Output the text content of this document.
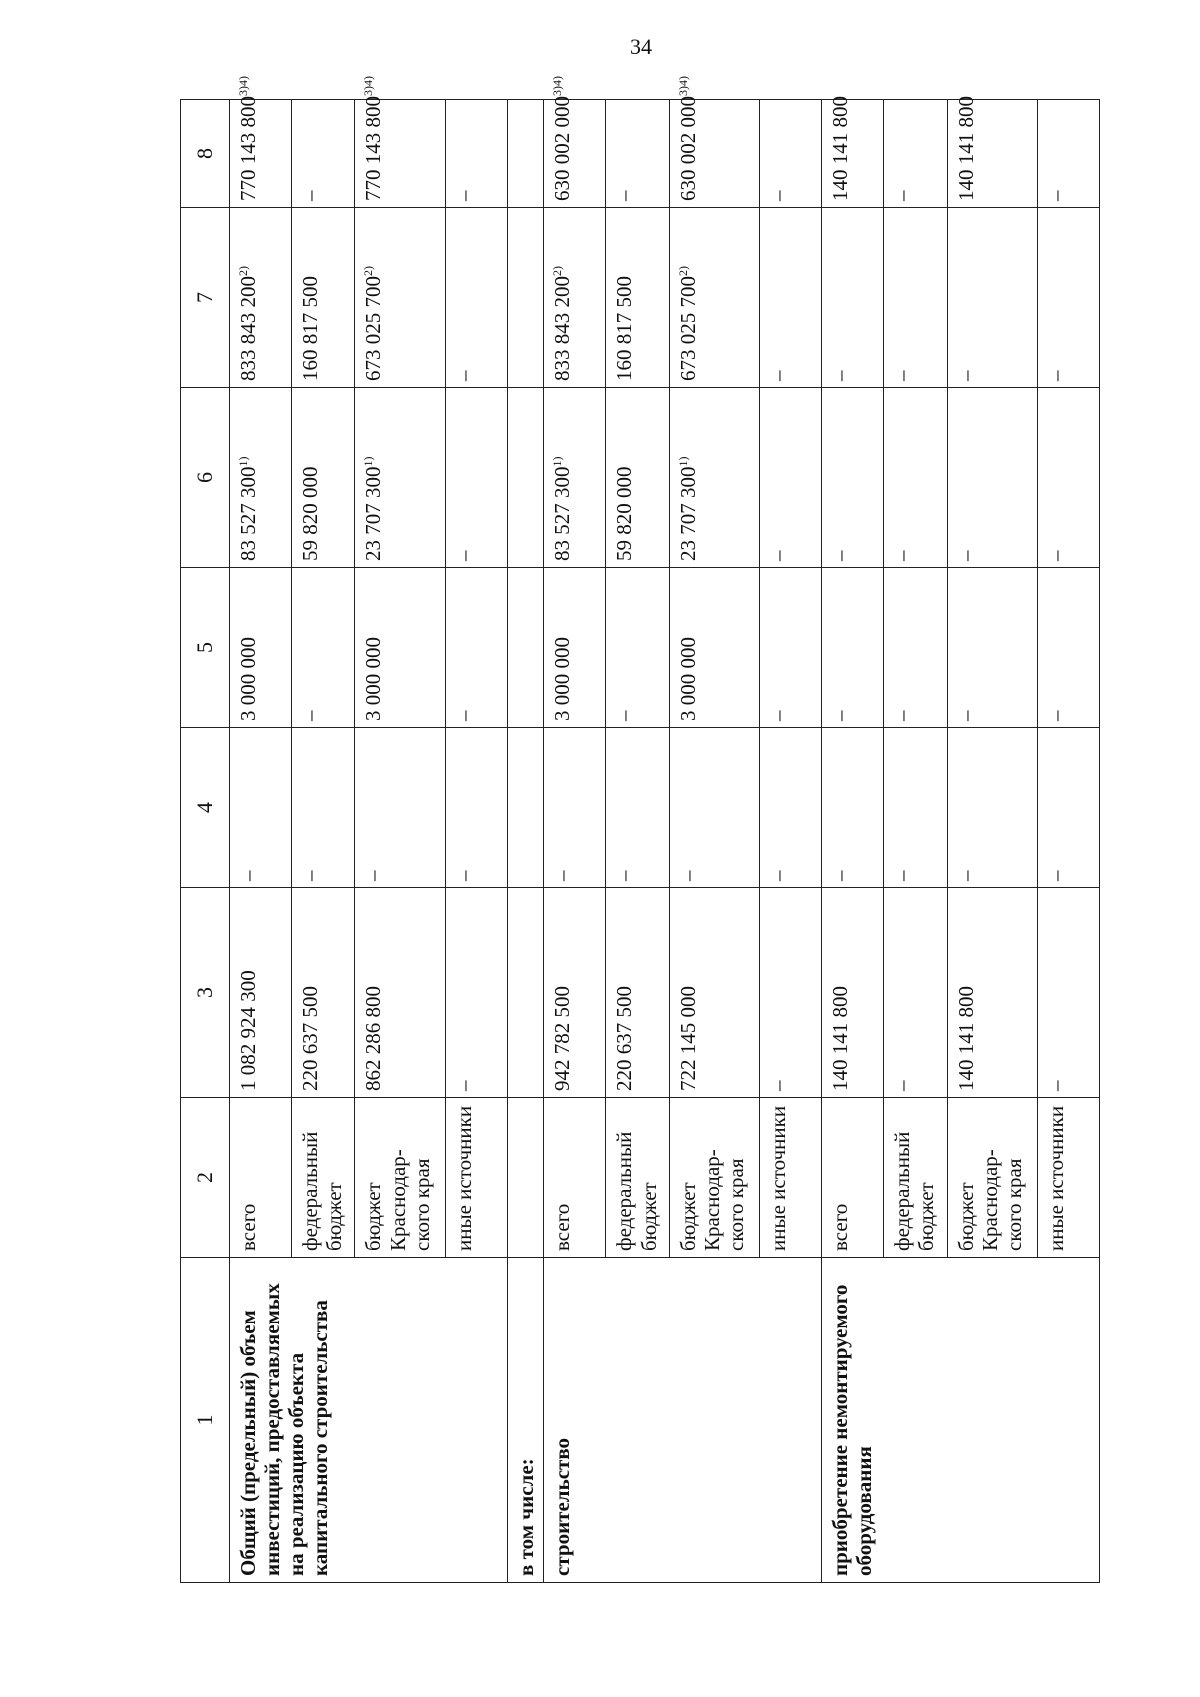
34
1	2	3	4	5	6	7	8
Общий (предельный) объем инвестиций, предоставляемых на реализацию объекта капитального строительства	всего	1 082 924 300	–	3 000 000	83 527 300$^{1)}$	833 843 200$^{2)}$	770 143 $800^{3)4)}$
	федеральный бюджет	220 637 500	–	–	59 820 000	160 817 500	–
	бюджет Краснодар-ского края	862 286 800	–	3 000 000	23 707 300$^{1)}$	673 025 700$^{2)}$	770 143 $800^{3)4)}$
	иные источники	–	–	–	–	–	–
в том числе:							
строительство	всего	942 782 500	–	3 000 000	83 527 300$^{1)}$	833 843 200$^{2)}$	630 002 $000^{3)4)}$
	федеральный бюджет	220 637 500	–	–	59 820 000	160 817 500	–
	бюджет Краснодар-ского края	722 145 000	–	3 000 000	23 707 300$^{1)}$	673 025 700$^{2)}$	630 002 $000^{3)4)}$
	иные источники	–	–	–	–	–	–
приобретение немонтируемого оборудования	всего	140 141 800	–	–	–	–	140 141 800
	федеральный бюджет	–	–	–	–	–	–
	бюджет Краснодар-ского края	140 141 800	–	–	–	–	140 141 800
	иные источники	–	–	–	–	–	–
